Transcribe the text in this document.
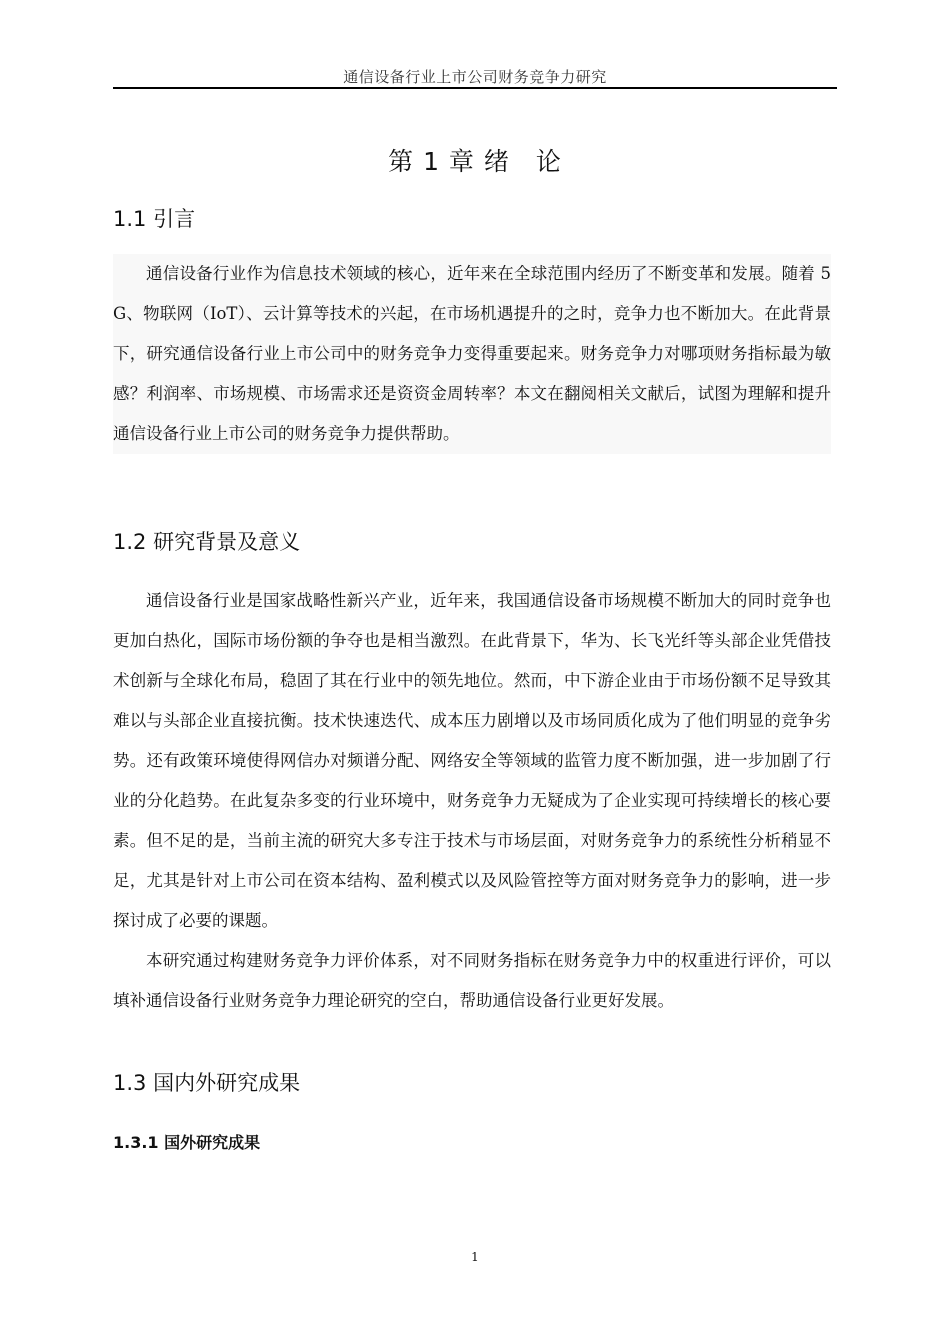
通信设备行业上市公司财务竞争力研究
第 1 章 绪　论
1.1 引言

通信设备行业作为信息技术领域的核心，近年来在全球范围内经历了不断变革和发展。随着 5G、物联网（IoT）、云计算等技术的兴起，在市场机遇提升的之时，竞争力也不断加大。在此背景下，研究通信设备行业上市公司中的财务竞争力变得重要起来。财务竞争力对哪项财务指标最为敏感？利润率、市场规模、市场需求还是资资金周转率？本文在翻阅相关文献后，试图为理解和提升通信设备行业上市公司的财务竞争力提供帮助。

1.2 研究背景及意义

通信设备行业是国家战略性新兴产业，近年来，我国通信设备市场规模不断加大的同时竞争也更加白热化，国际市场份额的争夺也是相当激烈。在此背景下，华为、长飞光纤等头部企业凭借技术创新与全球化布局，稳固了其在行业中的领先地位。然而，中下游企业由于市场份额不足导致其难以与头部企业直接抗衡。技术快速迭代、成本压力剧增以及市场同质化成为了他们明显的竞争劣势。还有政策环境使得网信办对频谱分配、网络安全等领域的监管力度不断加强，进一步加剧了行业的分化趋势。在此复杂多变的行业环境中，财务竞争力无疑成为了企业实现可持续增长的核心要素。但不足的是，当前主流的研究大多专注于技术与市场层面，对财务竞争力的系统性分析稍显不足，尤其是针对上市公司在资本结构、盈利模式以及风险管控等方面对财务竞争力的影响，进一步探讨成了必要的课题。

本研究通过构建财务竞争力评价体系，对不同财务指标在财务竞争力中的权重进行评价，可以填补通信设备行业财务竞争力理论研究的空白，帮助通信设备行业更好发展。

1.3 国内外研究成果
1.3.1 国外研究成果
1
